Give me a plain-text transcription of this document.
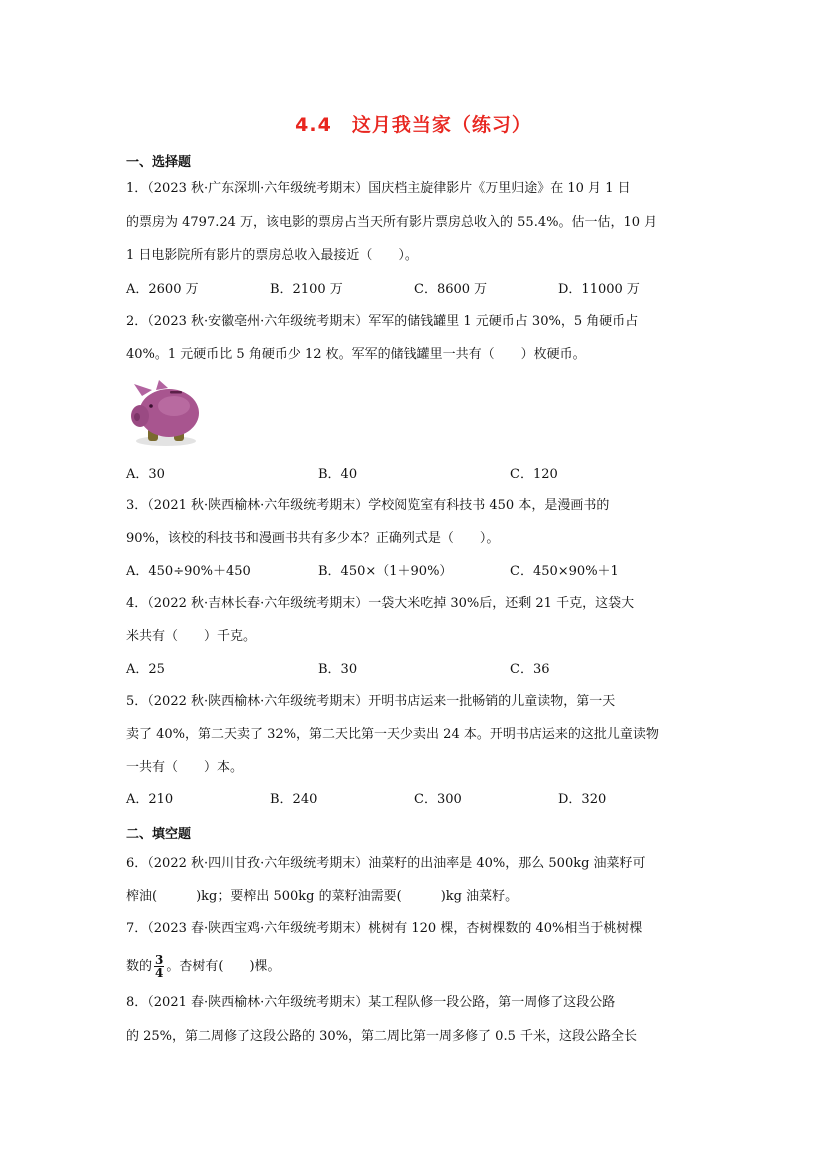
4.4　这月我当家（练习）
一、选择题
1．（2023 秋·广东深圳·六年级统考期末）国庆档主旋律影片《万里归途》在 10 月 1 日
的票房为 4797.24 万，该电影的票房占当天所有影片票房总收入的 55.4%。估一估，10 月
1 日电影院所有影片的票房总收入最接近（　　）。
A．2600 万	B．2100 万	C．8600 万	D．11000 万
2．（2023 秋·安徽亳州·六年级统考期末）军军的储钱罐里 1 元硬币占 30%，5 角硬币占
40%。1 元硬币比 5 角硬币少 12 枚。军军的储钱罐里一共有（　　）枚硬币。
A．30	B．40	C．120
3．（2021 秋·陕西榆林·六年级统考期末）学校阅览室有科技书 450 本，是漫画书的
90%，该校的科技书和漫画书共有多少本？正确列式是（　　）。
A．450÷90%＋450	B．450×（1＋90%）	C．450×90%＋1
4．（2022 秋·吉林长春·六年级统考期末）一袋大米吃掉 30%后，还剩 21 千克，这袋大
米共有（　　）千克。
A．25	B．30	C．36
5．（2022 秋·陕西榆林·六年级统考期末）开明书店运来一批畅销的儿童读物，第一天
卖了 40%，第二天卖了 32%，第二天比第一天少卖出 24 本。开明书店运来的这批儿童读物
一共有（　　）本。
A．210	B．240	C．300	D．320
二、填空题
6．（2022 秋·四川甘孜·六年级统考期末）油菜籽的出油率是 40%，那么 500kg 油菜籽可
榨油(　　　)kg；要榨出 500kg 的菜籽油需要(　　　)kg 油菜籽。
7．（2023 春·陕西宝鸡·六年级统考期末）桃树有 120 棵，杏树棵数的 40%相当于桃树棵
数的 $\frac{3}{4}$ 。杏树有(　　)棵。
8．（2021 春·陕西榆林·六年级统考期末）某工程队修一段公路，第一周修了这段公路
的 25%，第二周修了这段公路的 30%，第二周比第一周多修了 0.5 千米，这段公路全长
